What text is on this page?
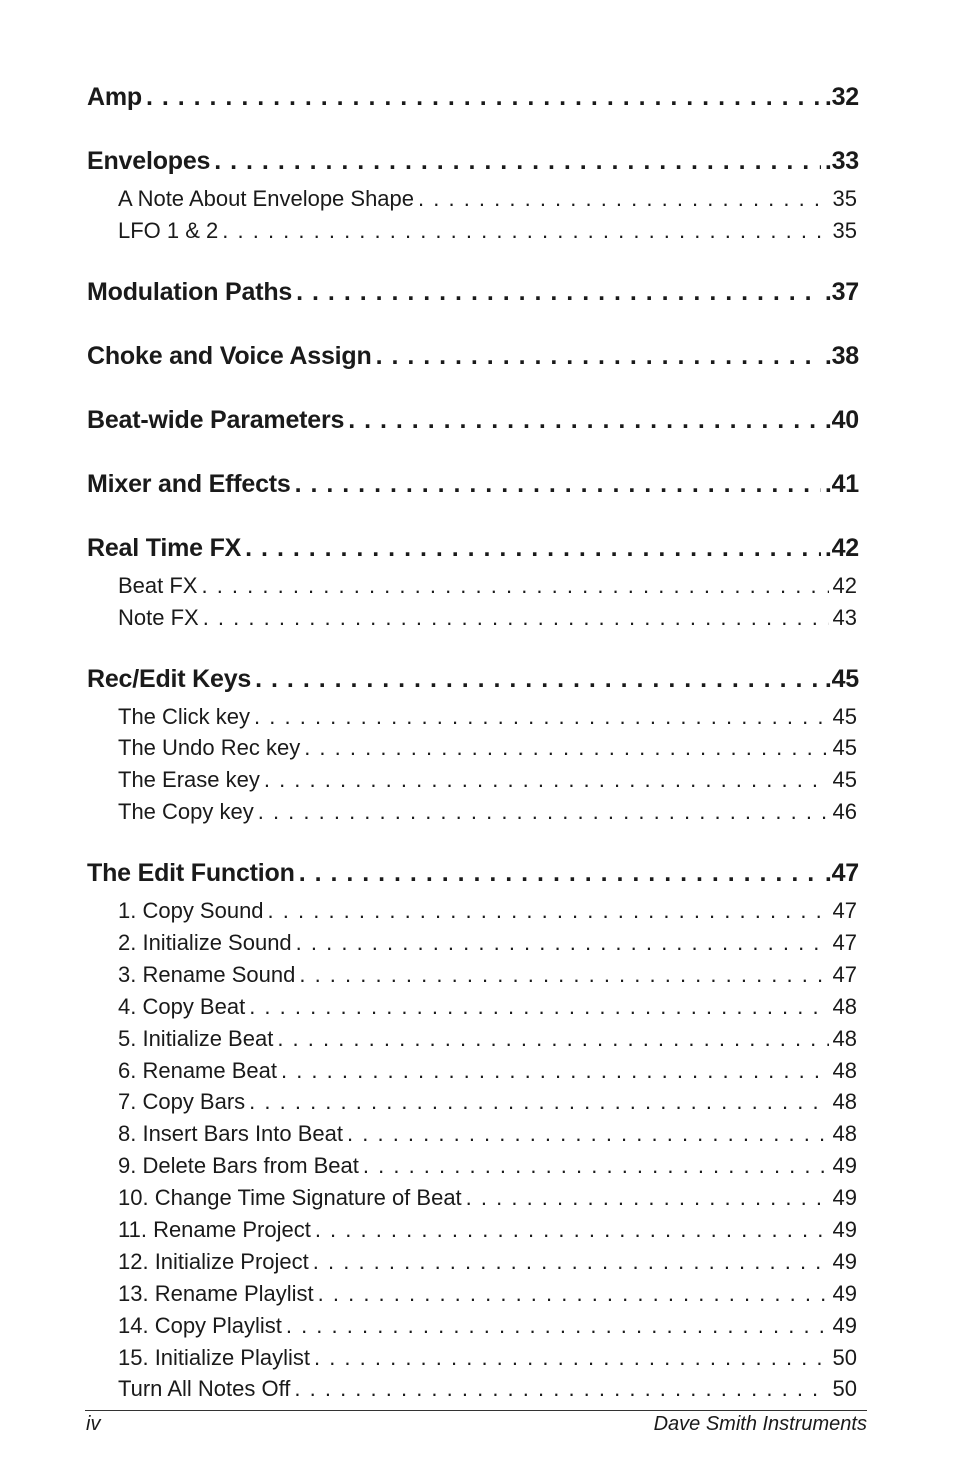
Amp . . .	.32
Envelopes . . .	.33
A Note About Envelope Shape . . .	35
LFO 1 & 2 . . .	35
Modulation Paths . . .	.37
Choke and Voice Assign . . .	.38
Beat-wide Parameters . . .	.40
Mixer and Effects . . .	.41
Real Time FX . . .	.42
Beat FX . . .	42
Note FX . . .	43
Rec/Edit Keys . . .	.45
The Click key . . .	45
The Undo Rec key . . .	45
The Erase key . . .	45
The Copy key . . .	46
The Edit Function . . .	.47
1. Copy Sound . . .	47
2. Initialize Sound . . .	47
3. Rename Sound . . .	47
4. Copy Beat . . .	48
5. Initialize Beat . . .	48
6. Rename Beat . . .	48
7. Copy Bars . . .	48
8. Insert Bars Into Beat . . .	48
9. Delete Bars from Beat . . .	49
10. Change Time Signature of Beat . . .	49
11. Rename Project . . .	49
12. Initialize Project . . .	49
13. Rename Playlist . . .	49
14. Copy Playlist . . .	49
15. Initialize Playlist . . .	50
Turn All Notes Off . . .	50
iv	Dave Smith Instruments
